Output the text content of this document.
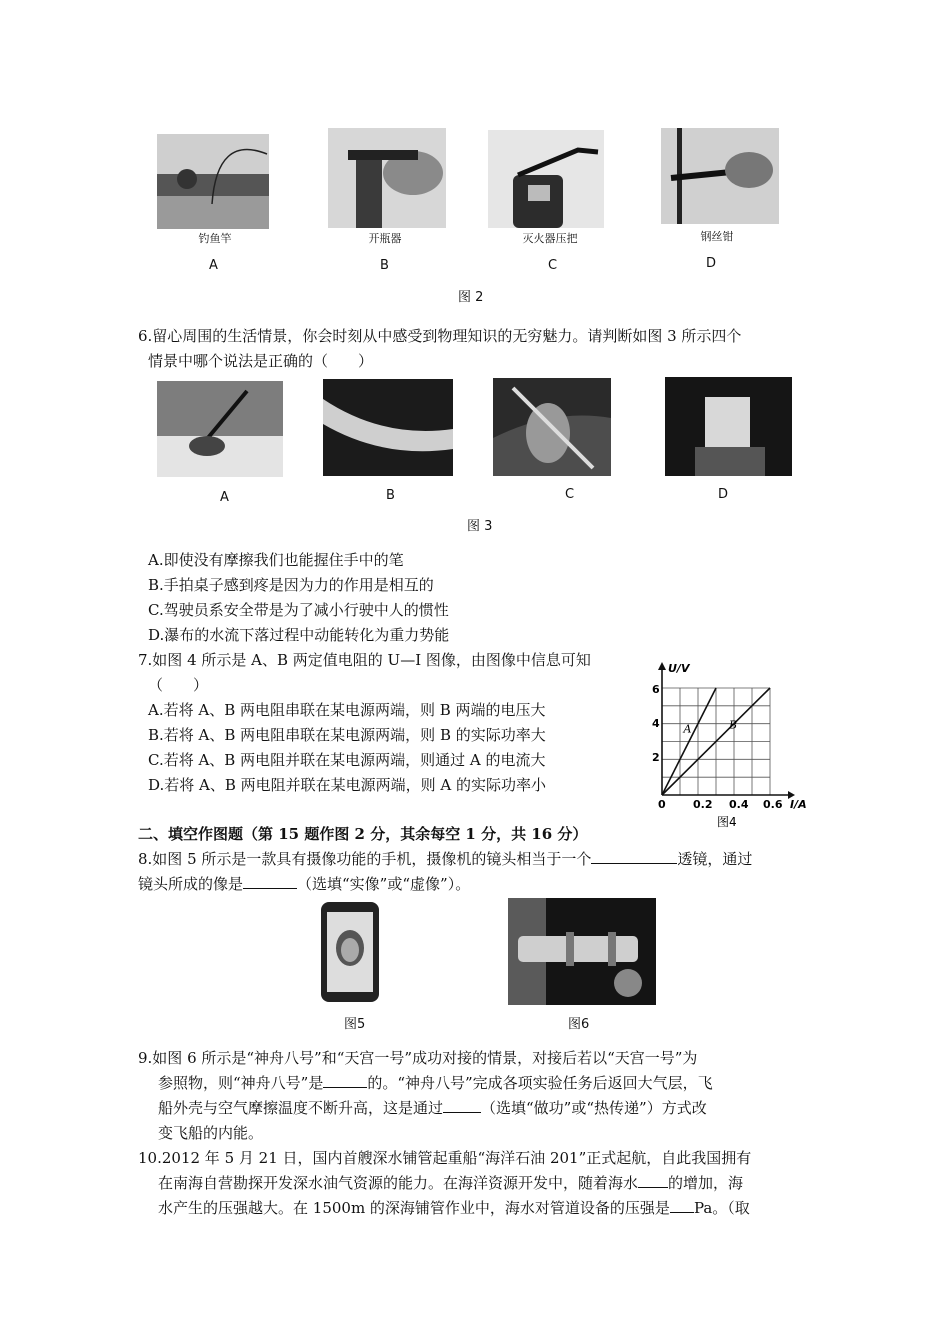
钓鱼竿	开瓶器	灭火器压把	钢丝钳
A	B	C	D
图 2
6.留心周围的生活情景，你会时刻从中感受到物理知识的无穷魅力。请判断如图 3 所示四个
情景中哪个说法是正确的（　　）
A	B	C	D
图 3
A.即使没有摩擦我们也能握住手中的笔
B.手拍桌子感到疼是因为力的作用是相互的
C.驾驶员系安全带是为了减小行驶中人的惯性
D.瀑布的水流下落过程中动能转化为重力势能
7.如图 4 所示是 A、B 两定值电阻的 U—I 图像，由图像中信息可知
（　　）
A.若将 A、B 两电阻串联在某电源两端，则 B 两端的电压大
B.若将 A、B 两电阻串联在某电源两端，则 B 的实际功率大
C.若将 A、B 两电阻并联在某电源两端，则通过 A 的电流大
D.若将 A、B 两电阻并联在某电源两端，则 A 的实际功率小
U/V
I/A
0 0.2 0.4 0.6
2
4
6
A	B
图4
二、填空作图题（第 15 题作图 2 分，其余每空 1 分，共 16 分）
8.如图 5 所示是一款具有摄像功能的手机，摄像机的镜头相当于一个	透镜，通过
镜头所成的像是	（选填“实像”或“虚像”）。
图5	图6
9.如图 6 所示是“神舟八号”和“天宫一号”成功对接的情景，对接后若以“天宫一号”为
参照物，则“神舟八号”是	的。“神舟八号”完成各项实验任务后返回大气层，飞
船外壳与空气摩擦温度不断升高，这是通过	（选填“做功”或“热传递”）方式改
变飞船的内能。
10.2012 年 5 月 21 日，国内首艘深水铺管起重船“海洋石油 201”正式起航，自此我国拥有
在南海自营勘探开发深水油气资源的能力。在海洋资源开发中，随着海水 的增加，海
水产生的压强越大。在 1500m 的深海铺管作业中，海水对管道设备的压强是 Pa。（取
